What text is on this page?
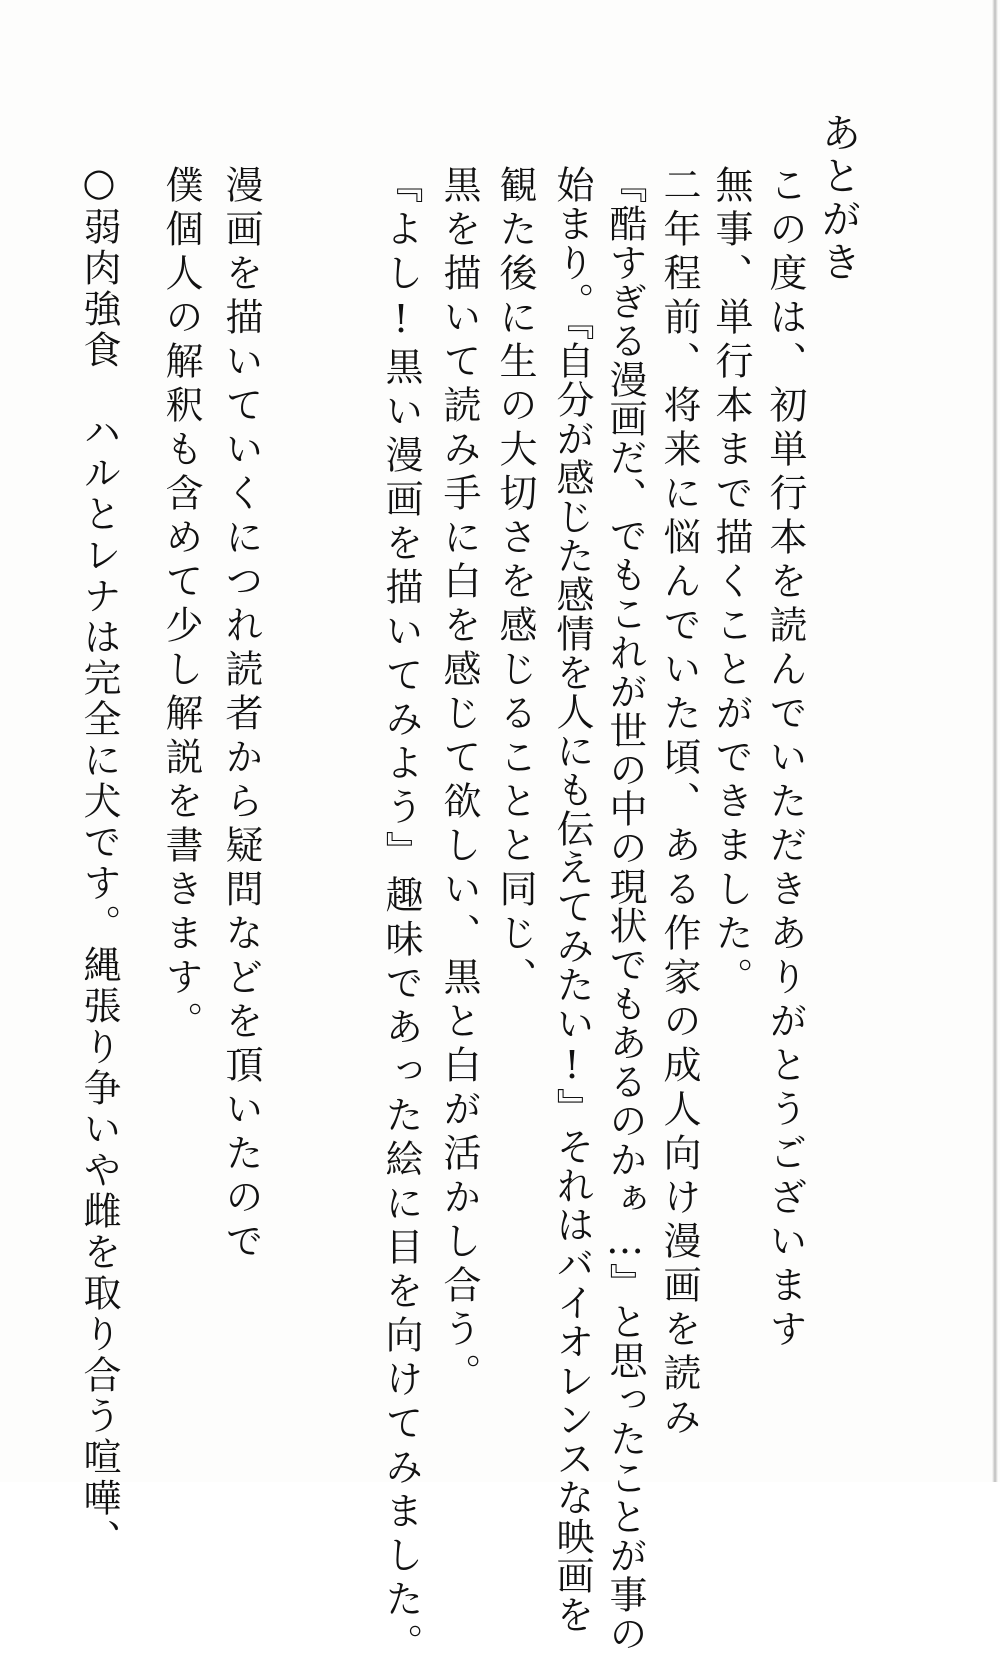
あとがき
この度は、初単行本を読んでいただきありがとうございます
無事、単行本まで描くことができました。
二年程前、将来に悩んでいた頃、ある作家の成人向け漫画を読み
『酷すぎる漫画だ、でもこれが世の中の現状でもあるのかぁ…』と思ったことが事の
始まり。『自分が感じた感情を人にも伝えてみたい!』それはバイオレンスな映画を
観た後に生の大切さを感じることと同じ、
黒を描いて読み手に白を感じて欲しい、黒と白が活かし合う。
『よし!黒い漫画を描いてみよう』趣味であった絵に目を向けてみました。
漫画を描いていくにつれ読者から疑問などを頂いたので
僕個人の解釈も含めて少し解説を書きます。
○弱肉強食　ハルとレナは完全に犬です。縄張り争いや雌を取り合う喧嘩、
